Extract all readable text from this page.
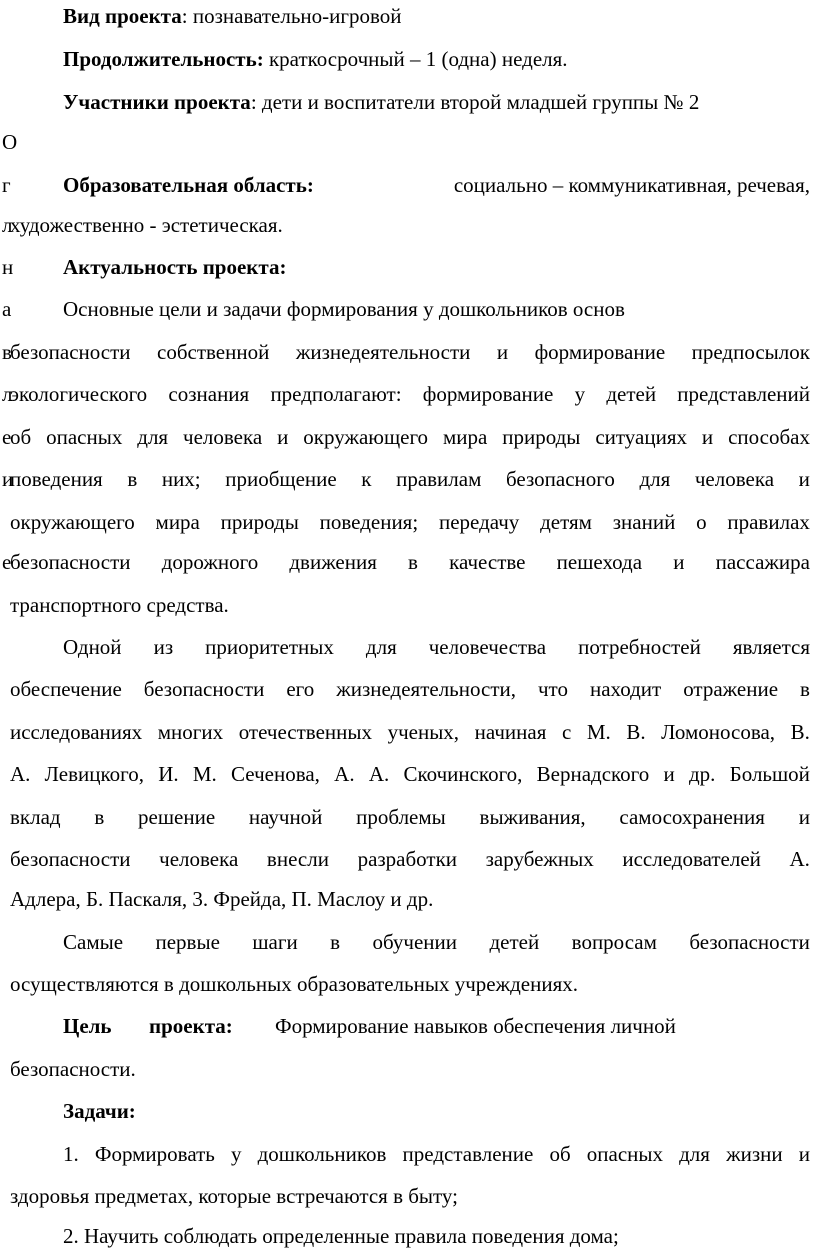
Вид проекта: познавательно-игровой
Продолжительность: краткосрочный – 1 (одна) неделя.
Участники проекта: дети и воспитатели второй младшей группы № 2
О
г
л
н
а
в
л
е
и
е
Образовательная область:	социально – коммуникативная, речевая,
художественно - эстетическая.
Актуальность проекта:
Основные цели и задачи формирования у дошкольников основ
безопасности собственной жизнедеятельности и формирование предпосылок
экологического сознания предполагают: формирование у детей представлений
об опасных для человека и окружающего мира природы ситуациях и способах
поведения в них; приобщение к правилам безопасного для человека и
окружающего мира природы поведения; передачу детям знаний о правилах
безопасности дорожного движения в качестве пешехода и пассажира
транспортного средства.
Одной из приоритетных для человечества потребностей является
обеспечение безопасности его жизнедеятельности, что находит отражение в
исследованиях многих отечественных ученых, начиная с М. В. Ломоносова, В.
А. Левицкого, И. М. Сеченова, А. А. Скочинского, Вернадского и др. Большой
вклад в решение научной проблемы выживания, самосохранения и
безопасности человека внесли разработки зарубежных исследователей А.
Адлера, Б. Паскаля, 3. Фрейда, П. Маслоу и др.
Самые первые шаги в обучении детей вопросам безопасности
осуществляются в дошкольных образовательных учреждениях.
Цель проекта: Формирование навыков обеспечения личной
безопасности.
Задачи:
1. Формировать у дошкольников представление об опасных для жизни и
здоровья предметах, которые встречаются в быту;
2. Научить соблюдать определенные правила поведения дома;
